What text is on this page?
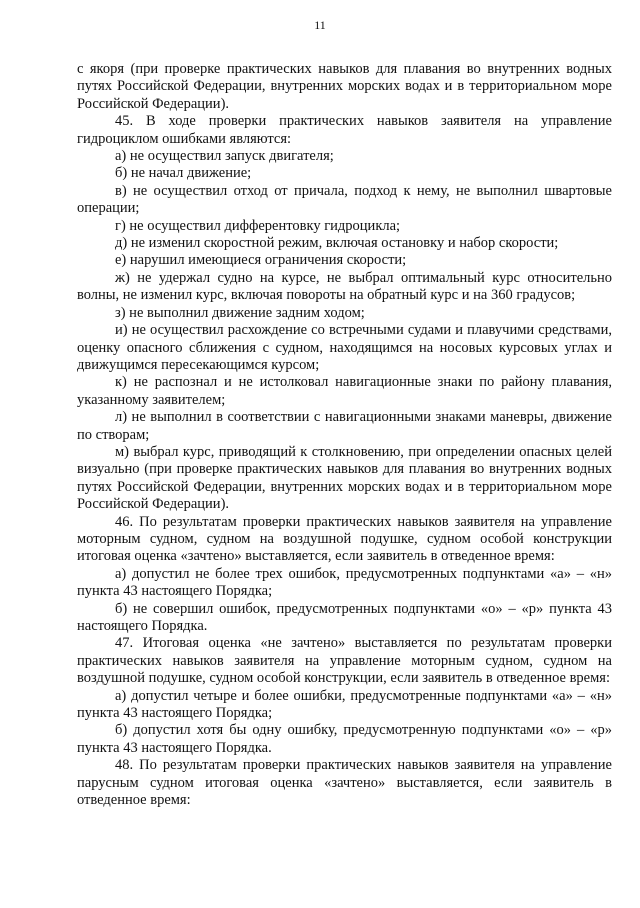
11

с якоря (при проверке практических навыков для плавания во внутренних водных путях Российской Федерации, внутренних морских водах и в территориальном море Российской Федерации).

45. В ходе проверки практических навыков заявителя на управление гидроциклом ошибками являются:

а) не осуществил запуск двигателя;

б) не начал движение;

в) не осуществил отход от причала, подход к нему, не выполнил швартовые операции;

г) не осуществил дифферентовку гидроцикла;

д) не изменил скоростной режим, включая остановку и набор скорости;

е) нарушил имеющиеся ограничения скорости;

ж) не удержал судно на курсе, не выбрал оптимальный курс относительно волны, не изменил курс, включая повороты на обратный курс и на 360 градусов;

з) не выполнил движение задним ходом;

и) не осуществил расхождение со встречными судами и плавучими средствами, оценку опасного сближения с судном, находящимся на носовых курсовых углах и движущимся пересекающимся курсом;

к) не распознал и не истолковал навигационные знаки по району плавания, указанному заявителем;

л) не выполнил в соответствии с навигационными знаками маневры, движение по створам;

м) выбрал курс, приводящий к столкновению, при определении опасных целей визуально (при проверке практических навыков для плавания во внутренних водных путях Российской Федерации, внутренних морских водах и в территориальном море Российской Федерации).

46. По результатам проверки практических навыков заявителя на управление моторным судном, судном на воздушной подушке, судном особой конструкции итоговая оценка «зачтено» выставляется, если заявитель в отведенное время:

а) допустил не более трех ошибок, предусмотренных подпунктами «а» – «н» пункта 43 настоящего Порядка;

б) не совершил ошибок, предусмотренных подпунктами «о» – «р» пункта 43 настоящего Порядка.

47. Итоговая оценка «не зачтено» выставляется по результатам проверки практических навыков заявителя на управление моторным судном, судном на воздушной подушке, судном особой конструкции, если заявитель в отведенное время:

а) допустил четыре и более ошибки, предусмотренные подпунктами «а» – «н» пункта 43 настоящего Порядка;

б) допустил хотя бы одну ошибку, предусмотренную подпунктами «о» – «р» пункта 43 настоящего Порядка.

48. По результатам проверки практических навыков заявителя на управление парусным судном итоговая оценка «зачтено» выставляется, если заявитель в отведенное время:
